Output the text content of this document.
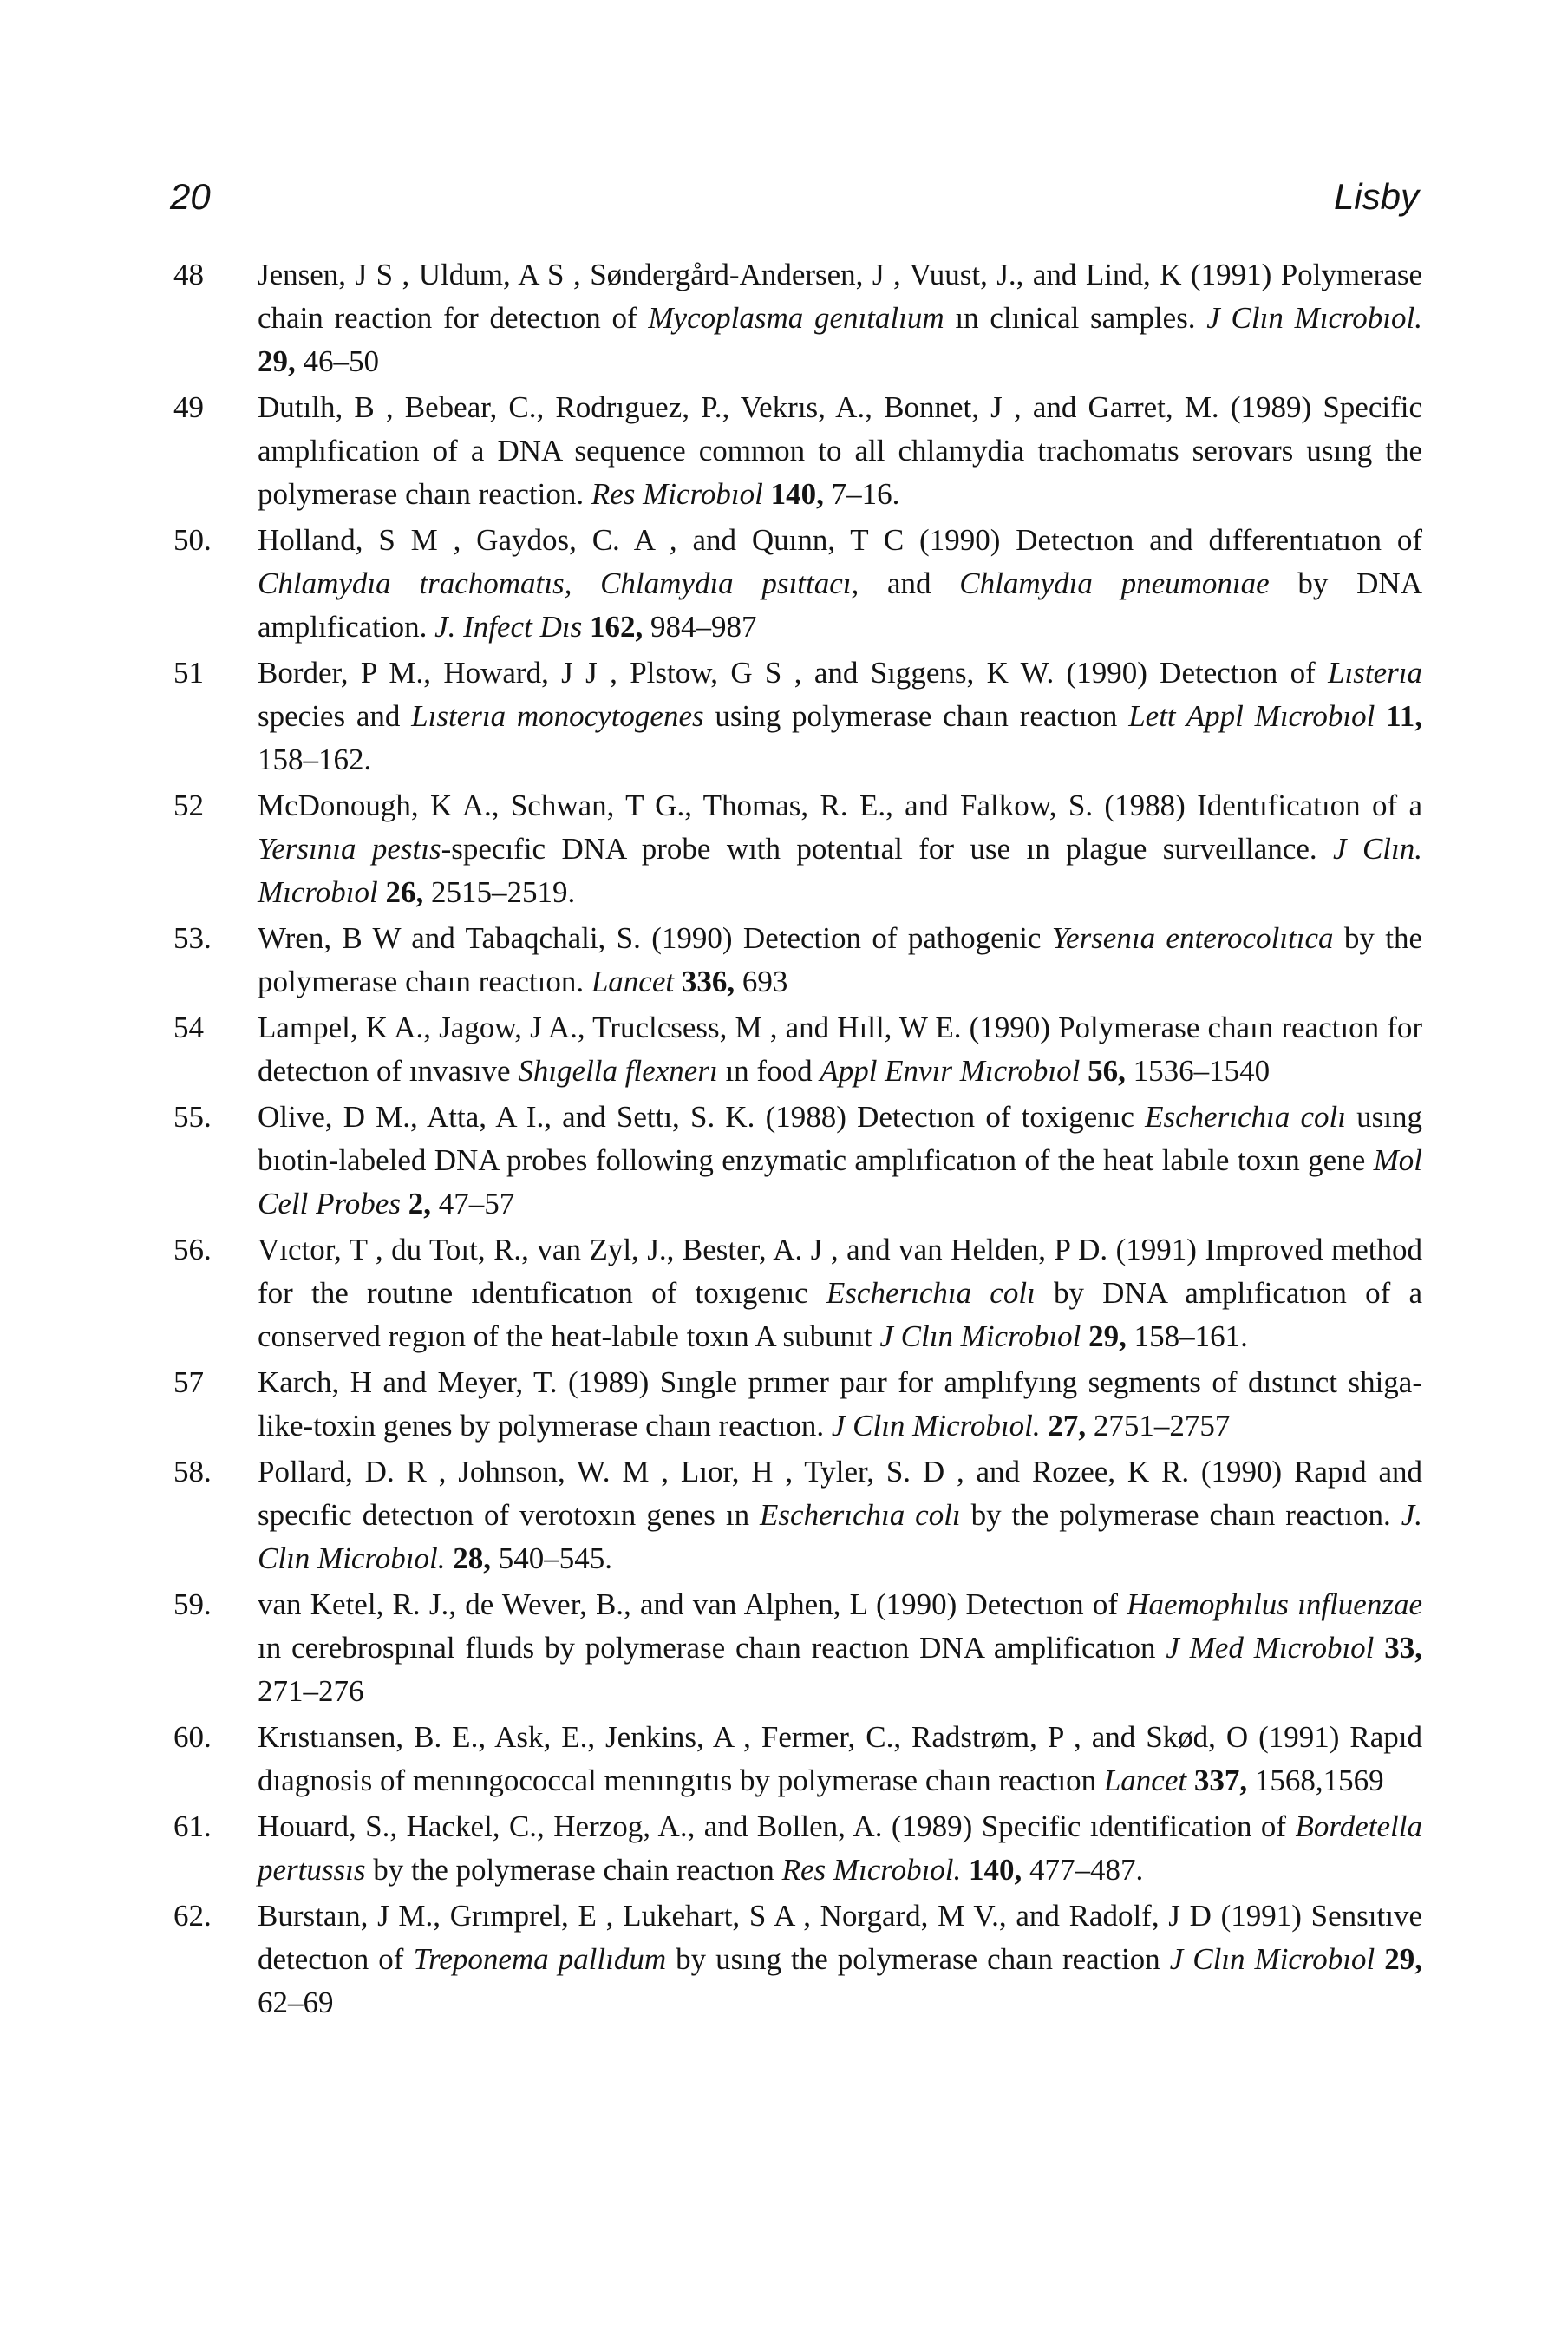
20	Lisby
48	Jensen, J S , Uldum, A S , Søndergård-Andersen, J , Vuust, J., and Lind, K (1991) Polymerase chain reaction for detectıon of Mycoplasma genıtalıum ın clınical samples. J Clın Mıcrobıol. 29, 46–50
49	Dutılh, B , Bebear, C., Rodrıguez, P., Vekrıs, A., Bonnet, J , and Garret, M. (1989) Specific amplıfication of a DNA sequence common to all chlamydia trachomatıs serovars usıng the polymerase chaın reaction. Res Microbıol 140, 7–16.
50.	Holland, S M , Gaydos, C. A , and Quınn, T C (1990) Detectıon and dıfferentıatıon of Chlamydıa trachomatıs, Chlamydıa psıttacı, and Chlamydıa pneumonıae by DNA amplıfication. J. Infect Dıs 162, 984–987
51	Border, P M., Howard, J J , Plstow, G S , and Sıggens, K W. (1990) Detectıon of Lısterıa species and Lısterıa monocytogenes using polymerase chaın reactıon Lett Appl Mıcrobıol 11, 158–162.
52	McDonough, K A., Schwan, T G., Thomas, R. E., and Falkow, S. (1988) Identıficatıon of a Yersınıa pestıs-specıfic DNA probe wıth potentıal for use ın plague surveıllance. J Clın. Mıcrobıol 26, 2515–2519.
53.	Wren, B W and Tabaqchali, S. (1990) Detection of pathogenic Yersenıa enterocolıtıca by the polymerase chaın reactıon. Lancet 336, 693
54	Lampel, K A., Jagow, J A., Truclcsess, M , and Hıll, W E. (1990) Polymerase chaın reactıon for detectıon of ınvasıve Shıgella flexnerı ın food Appl Envır Mıcrobıol 56, 1536–1540
55.	Olive, D M., Atta, A I., and Settı, S. K. (1988) Detectıon of toxigenıc Escherıchıa colı usıng bıotin-labeled DNA probes following enzymatic amplıficatıon of the heat labıle toxın gene Mol Cell Probes 2, 47–57
56.	Vıctor, T , du Toıt, R., van Zyl, J., Bester, A. J , and van Helden, P D. (1991) Improved method for the routıne ıdentıficatıon of toxıgenıc Escherıchıa colı by DNA amplıficatıon of a conserved regıon of the heat-labıle toxın A subunıt J Clın Microbıol 29, 158–161.
57	Karch, H and Meyer, T. (1989) Sıngle prımer paır for amplıfyıng segments of dıstınct shiga-like-toxin genes by polymerase chaın reactıon. J Clın Microbıol. 27, 2751–2757
58.	Pollard, D. R , Johnson, W. M , Lıor, H , Tyler, S. D , and Rozee, K R. (1990) Rapıd and specıfic detectıon of verotoxın genes ın Escherıchıa colı by the polymerase chaın reactıon. J. Clın Microbıol. 28, 540–545.
59.	van Ketel, R. J., de Wever, B., and van Alphen, L (1990) Detectıon of Haemophılus ınfluenzae ın cerebrospınal fluıds by polymerase chaın reactıon DNA amplificatıon J Med Mıcrobıol 33, 271–276
60.	Krıstıansen, B. E., Ask, E., Jenkins, A , Fermer, C., Radstrøm, P , and Skød, O (1991) Rapıd dıagnosis of menıngococcal menıngıtıs by polymerase chaın reactıon Lancet 337, 1568,1569
61.	Houard, S., Hackel, C., Herzog, A., and Bollen, A. (1989) Specific ıdentification of Bordetella pertussıs by the polymerase chain reactıon Res Mıcrobıol. 140, 477–487.
62.	Burstaın, J M., Grımprel, E , Lukehart, S A , Norgard, M V., and Radolf, J D (1991) Sensıtıve detectıon of Treponema pallıdum by usıng the polymerase chaın reaction J Clın Microbıol 29, 62–69
